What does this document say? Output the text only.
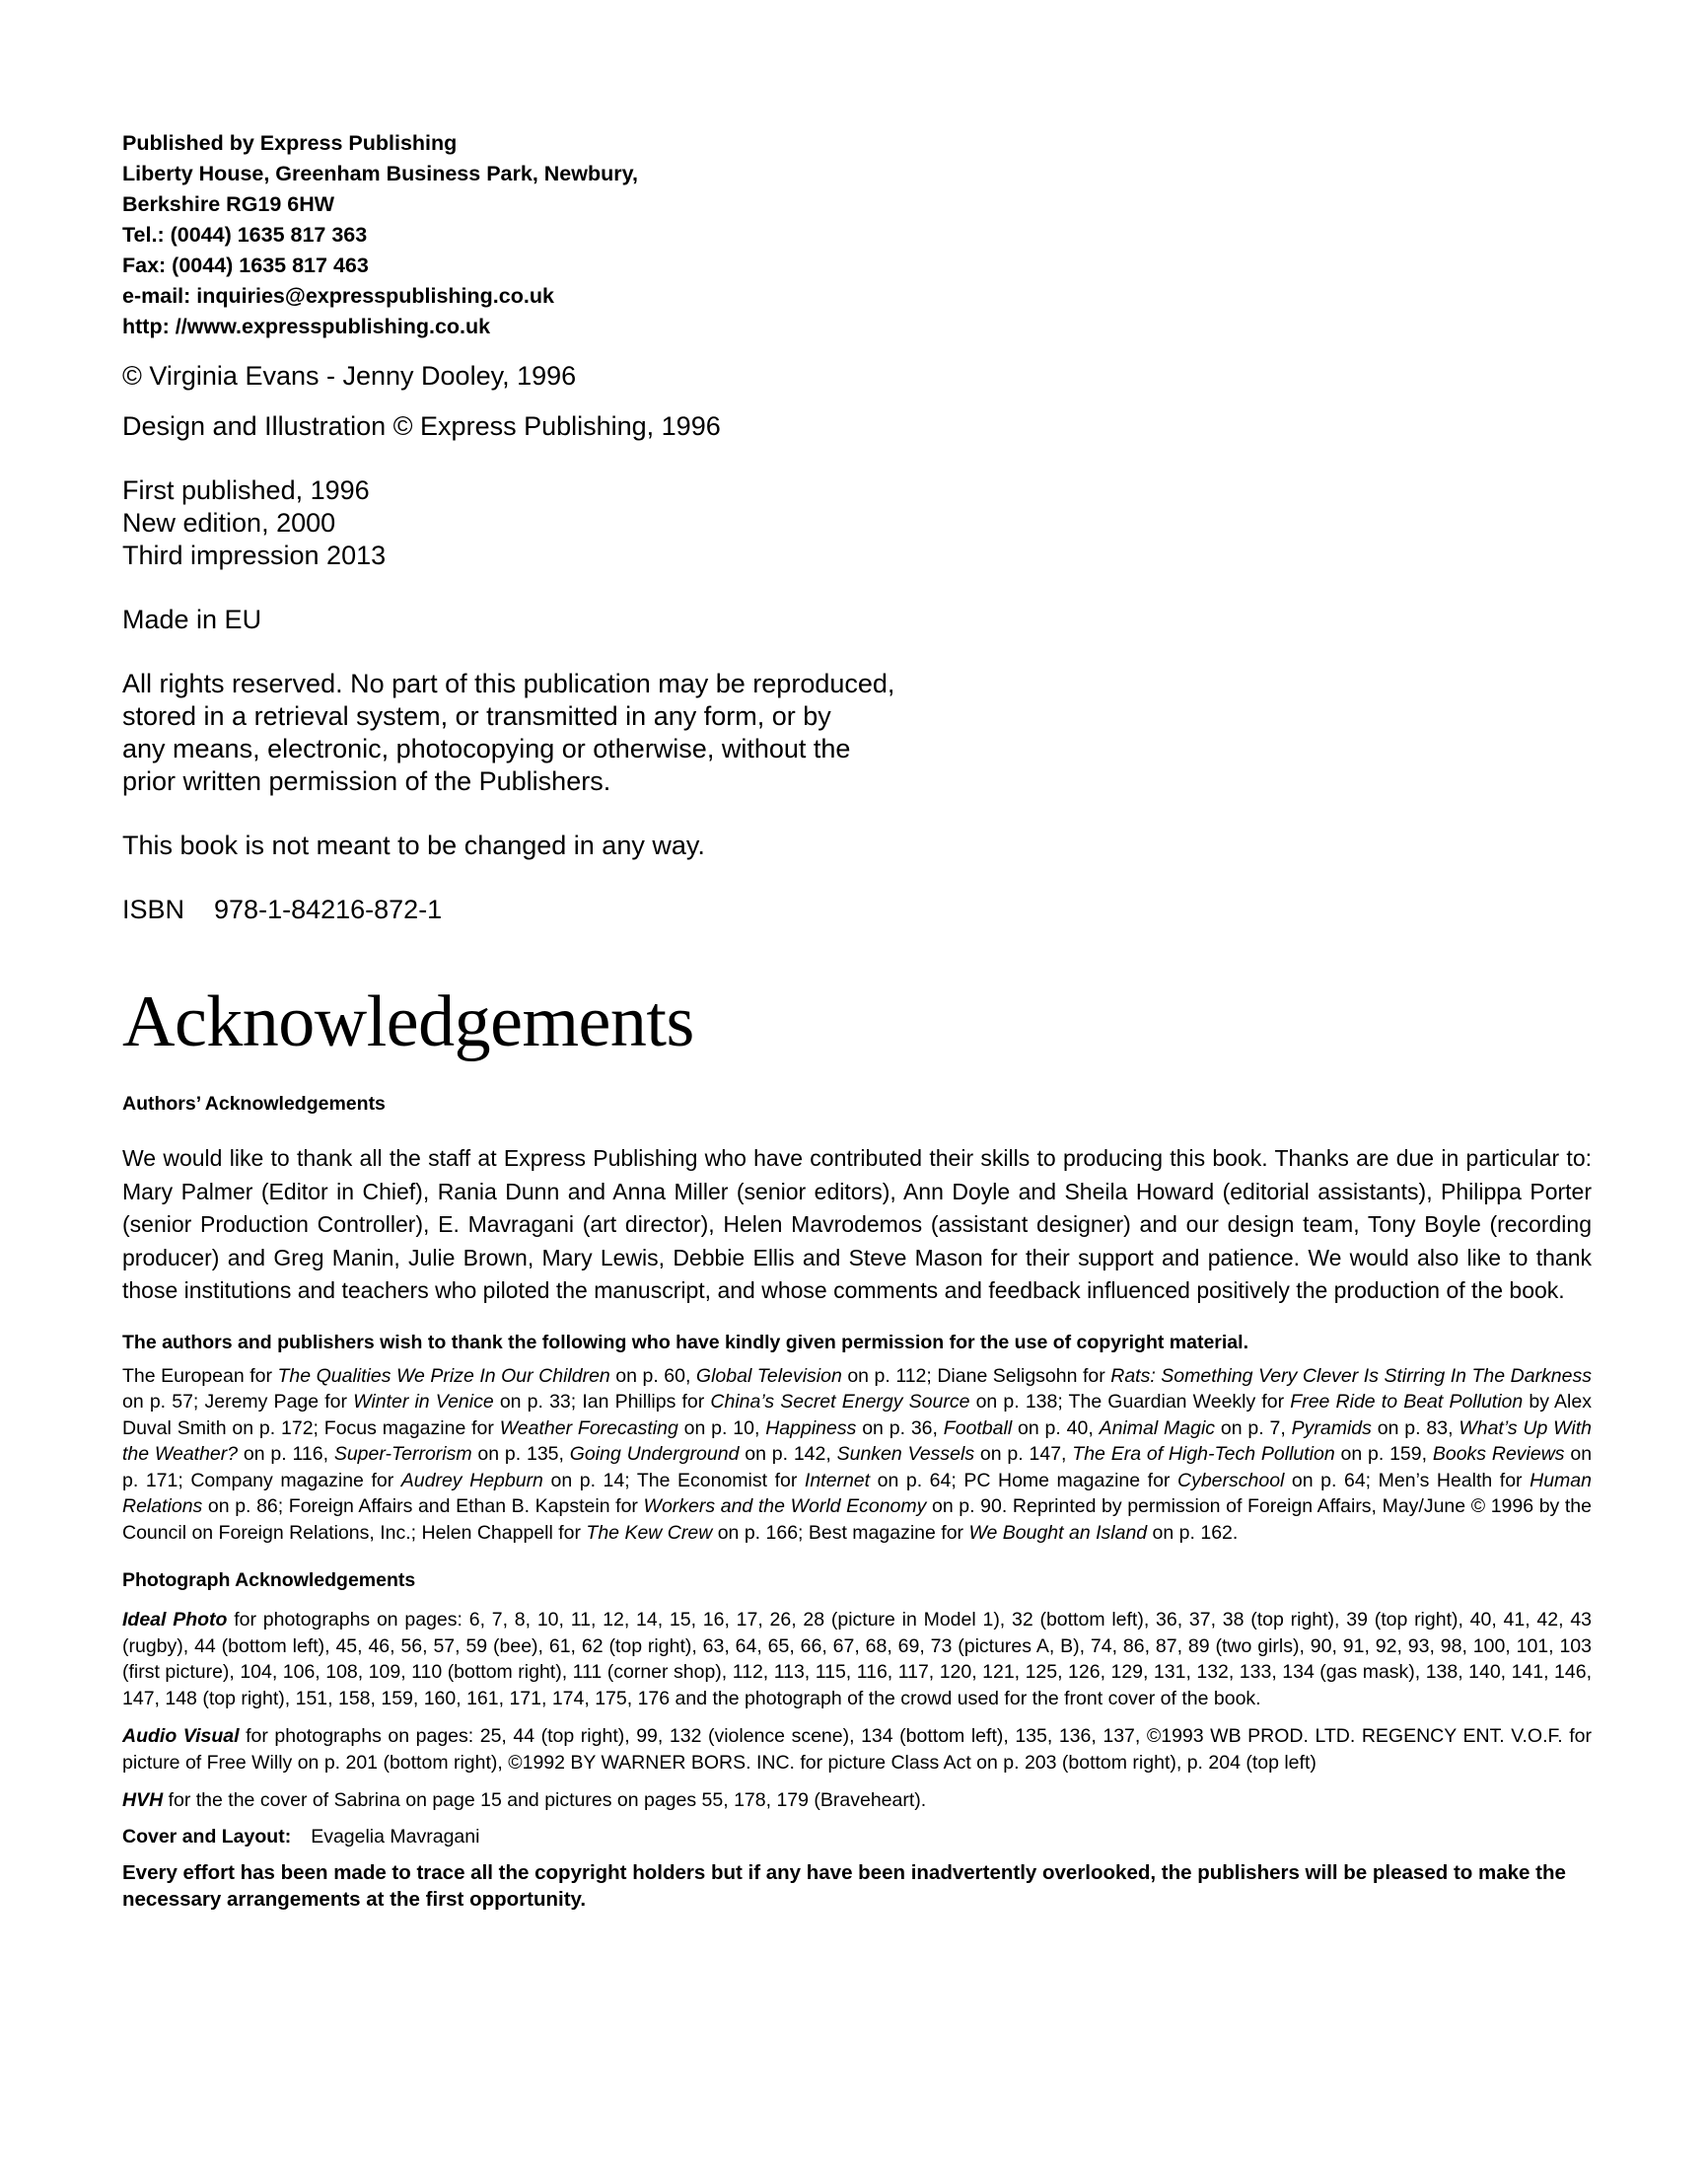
Published by Express Publishing
Liberty House, Greenham Business Park, Newbury,
Berkshire RG19 6HW
Tel.: (0044) 1635 817 363
Fax: (0044) 1635 817 463
e-mail: inquiries@expresspublishing.co.uk
http: //www.expresspublishing.co.uk
© Virginia Evans - Jenny Dooley, 1996
Design and Illustration © Express Publishing, 1996
First published, 1996
New edition, 2000
Third impression 2013
Made in EU
All rights reserved. No part of this publication may be reproduced,
stored in a retrieval system, or transmitted in any form, or by
any means, electronic, photocopying or otherwise, without the
prior written permission of the Publishers.
This book is not meant to be changed in any way.
ISBN    978-1-84216-872-1
Acknowledgements
Authors’ Acknowledgements
We would like to thank all the staff at Express Publishing who have contributed their skills to producing this book. Thanks are due in particular to: Mary Palmer (Editor in Chief), Rania Dunn and Anna Miller (senior editors), Ann Doyle and Sheila Howard (editorial assistants), Philippa Porter (senior Production Controller), E. Mavragani (art director), Helen Mavrodemos (assistant designer) and our design team, Tony Boyle (recording producer) and Greg Manin, Julie Brown, Mary Lewis, Debbie Ellis and Steve Mason for their support and patience. We would also like to thank those institutions and teachers who piloted the manuscript, and whose comments and feedback influenced positively the production of the book.
The authors and publishers wish to thank the following who have kindly given permission for the use of copyright material.
The European for The Qualities We Prize In Our Children on p. 60, Global Television on p. 112; Diane Seligsohn for Rats: Something Very Clever Is Stirring In The Darkness on p. 57; Jeremy Page for Winter in Venice on p. 33; Ian Phillips for China’s Secret Energy Source on p. 138; The Guardian Weekly for Free Ride to Beat Pollution by Alex Duval Smith on p. 172; Focus magazine for Weather Forecasting on p. 10, Happiness on p. 36, Football on p. 40, Animal Magic on p. 7, Pyramids on p. 83, What’s Up With the Weather? on p. 116, Super-Terrorism on p. 135, Going Underground on p. 142, Sunken Vessels on p. 147, The Era of High-Tech Pollution on p. 159, Books Reviews on p. 171; Company magazine for Audrey Hepburn on p. 14; The Economist for Internet on p. 64; PC Home magazine for Cyberschool on p. 64; Men’s Health for Human Relations on p. 86; Foreign Affairs and Ethan B. Kapstein for Workers and the World Economy on p. 90. Reprinted by permission of Foreign Affairs, May/June © 1996 by the Council on Foreign Relations, Inc.; Helen Chappell for The Kew Crew on p. 166; Best magazine for We Bought an Island on p. 162.
Photograph Acknowledgements
Ideal Photo for photographs on pages: 6, 7, 8, 10, 11, 12, 14, 15, 16, 17, 26, 28 (picture in Model 1), 32 (bottom left), 36, 37, 38 (top right), 39 (top right), 40, 41, 42, 43 (rugby), 44 (bottom left), 45, 46, 56, 57, 59 (bee), 61, 62 (top right), 63, 64, 65, 66, 67, 68, 69, 73 (pictures A, B), 74, 86, 87, 89 (two girls), 90, 91, 92, 93, 98, 100, 101, 103 (first picture), 104, 106, 108, 109, 110 (bottom right), 111 (corner shop), 112, 113, 115, 116, 117, 120, 121, 125, 126, 129, 131, 132, 133, 134 (gas mask), 138, 140, 141, 146, 147, 148 (top right), 151, 158, 159, 160, 161, 171, 174, 175, 176 and the photograph of the crowd used for the front cover of the book.
Audio Visual for photographs on pages: 25, 44 (top right), 99, 132 (violence scene), 134 (bottom left), 135, 136, 137, ©1993 WB PROD. LTD. REGENCY ENT. V.O.F. for picture of Free Willy on p. 201 (bottom right), ©1992 BY WARNER BORS. INC. for picture Class Act on p. 203 (bottom right), p. 204 (top left)
HVH for the the cover of Sabrina on page 15 and pictures on pages 55, 178, 179 (Braveheart).
Cover and Layout: Evagelia Mavragani
Every effort has been made to trace all the copyright holders but if any have been inadvertently overlooked, the publishers will be pleased to make the necessary arrangements at the first opportunity.
